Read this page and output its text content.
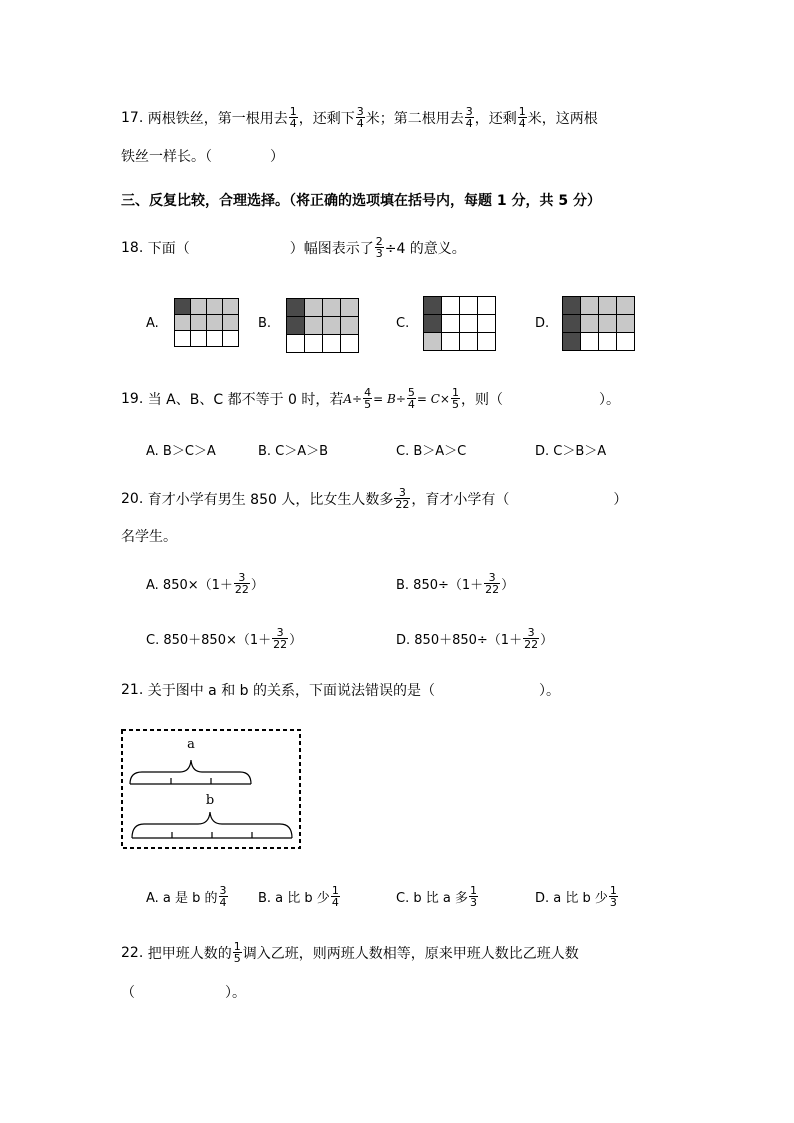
17.
两根铁丝，第一根用去 $\frac{1}{4}$ ，还剩下 $\frac{3}{4}$ 米；第二根用去 $\frac{3}{4}$ ，还剩 $\frac{1}{4}$ 米，这两根
铁丝一样长。（	）
三、反复比较，合理选择。（将正确的选项填在括号内，每题 1 分，共 5 分）
18.
下面（	）幅图表示了 $\frac{2}{3} \div 4$ 的意义。
A.	B.	C.	D.
19.
当 A、B、C 都不等于 0 时，若 $A\div \frac{4}{5} = B\div \frac{5}{4} = C\times \frac{1}{5}$ ，则（	）。
A. B＞C＞A	B. C＞A＞B	C. B＞A＞C	D. C＞B＞A
20.
育才小学有男生 850 人，比女生人数多 $\frac{3}{22}$ ，育才小学有（	）
名学生。
A. $850\times(1+ \frac{3}{22}$ ）	B. $850\div(1+ \frac{3}{22}$ ）
C. $850+850\times(1+ \frac{3}{22}$ ）	D. $850+850\div(1+ \frac{3}{22}$ ）
21.
关于图中 a 和 b 的关系，下面说法错误的是（	）。
a
b
A. a 是 b 的 $\frac{3}{4} B$. a 比 b 少 $\frac{1}{4}$	C. b 比 a 多 $\frac{1}{3}$	D. a 比 b 少 $\frac{1}{3}$
22.
把甲班人数的 $\frac{1}{5}$ 调入乙班，则两班人数相等，原来甲班人数比乙班人数
（	）。
